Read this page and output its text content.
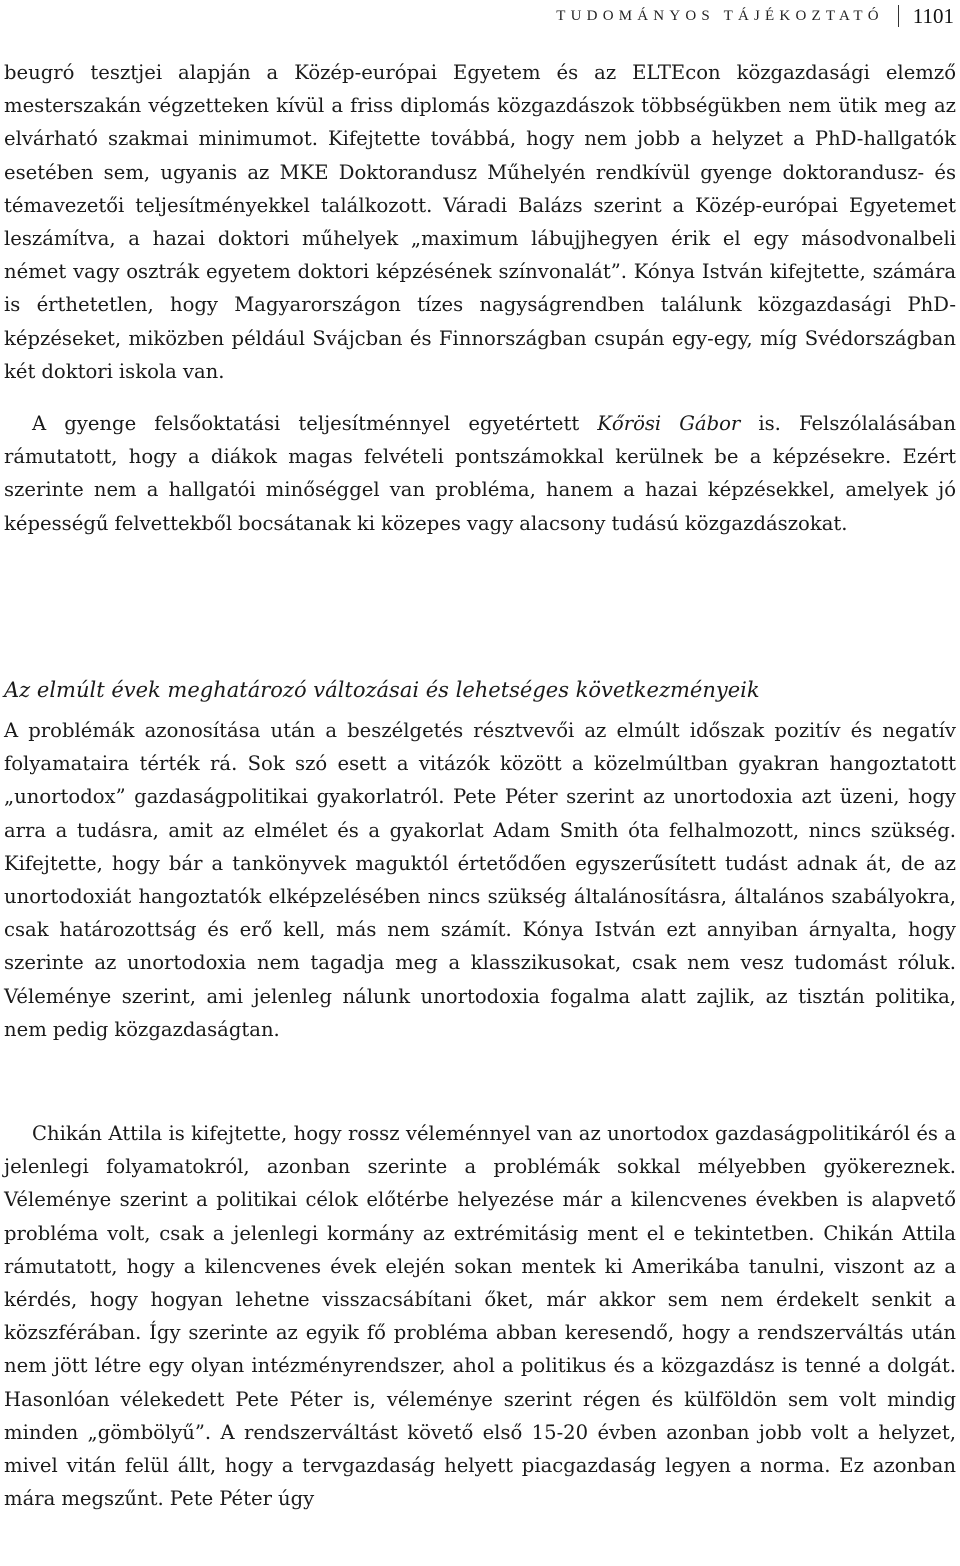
TUDOMÁNYOS TÁJÉKOZTATÓ	1101

beugró tesztjei alapján a Közép-európai Egyetem és az ELTEcon közgazdasági elemző mesterszakán végzetteken kívül a friss diplomás közgazdászok többségükben nem ütik meg az elvárható szakmai minimumot. Kifejtette továbbá, hogy nem jobb a helyzet a PhD-hallgatók esetében sem, ugyanis az MKE Doktorandusz Műhelyén rendkívül gyenge doktorandusz- és témavezetői teljesítményekkel találkozott. Váradi Balázs szerint a Közép-európai Egyetemet leszámítva, a hazai doktori műhelyek „maximum lábujjhegyen érik el egy másodvonalbeli német vagy osztrák egyetem doktori képzésének színvonalát”. Kónya István kifejtette, számára is érthetetlen, hogy Magyarországon tízes nagyságrendben találunk közgazdasági PhD-képzéseket, miközben például Svájcban és Finnországban csupán egy-egy, míg Svédországban két doktori iskola van.

A gyenge felsőoktatási teljesítménnyel egyetértett Kőrösi Gábor is. Felszólalásában rámutatott, hogy a diákok magas felvételi pontszámokkal kerülnek be a képzésekre. Ezért szerinte nem a hallgatói minőséggel van probléma, hanem a hazai képzésekkel, amelyek jó képességű felvettekből bocsátanak ki közepes vagy alacsony tudású közgazdászokat.

Az elmúlt évek meghatározó változásai és lehetséges következményeik

A problémák azonosítása után a beszélgetés résztvevői az elmúlt időszak pozitív és negatív folyamataira térték rá. Sok szó esett a vitázók között a közelmúltban gyakran hangoztatott „unortodox” gazdaságpolitikai gyakorlatról. Pete Péter szerint az unortodoxia azt üzeni, hogy arra a tudásra, amit az elmélet és a gyakorlat Adam Smith óta felhalmozott, nincs szükség. Kifejtette, hogy bár a tankönyvek maguktól értetődően egyszerűsített tudást adnak át, de az unortodoxiát hangoztatók elképzelésében nincs szükség általánosításra, általános szabályokra, csak határozottság és erő kell, más nem számít. Kónya István ezt annyiban árnyalta, hogy szerinte az unortodoxia nem tagadja meg a klasszikusokat, csak nem vesz tudomást róluk. Véleménye szerint, ami jelenleg nálunk unortodoxia fogalma alatt zajlik, az tisztán politika, nem pedig közgazdaságtan.

Chikán Attila is kifejtette, hogy rossz véleménnyel van az unortodox gazdaságpolitikáról és a jelenlegi folyamatokról, azonban szerinte a problémák sokkal mélyebben gyökereznek. Véleménye szerint a politikai célok előtérbe helyezése már a kilencvenes években is alapvető probléma volt, csak a jelenlegi kormány az extrémitásig ment el e tekintetben. Chikán Attila rámutatott, hogy a kilencvenes évek elején sokan mentek ki Amerikába tanulni, viszont az a kérdés, hogy hogyan lehetne visszacsábítani őket, már akkor sem nem érdekelt senkit a közszférában. Így szerinte az egyik fő probléma abban keresendő, hogy a rendszerváltás után nem jött létre egy olyan intézményrendszer, ahol a politikus és a közgazdász is tenné a dolgát. Hasonlóan vélekedett Pete Péter is, véleménye szerint régen és külföldön sem volt mindig minden „gömbölyű”. A rendszerváltást követő első 15-20 évben azonban jobb volt a helyzet, mivel vitán felül állt, hogy a tervgazdaság helyett piacgazdaság legyen a norma. Ez azonban mára megszűnt. Pete Péter úgy
